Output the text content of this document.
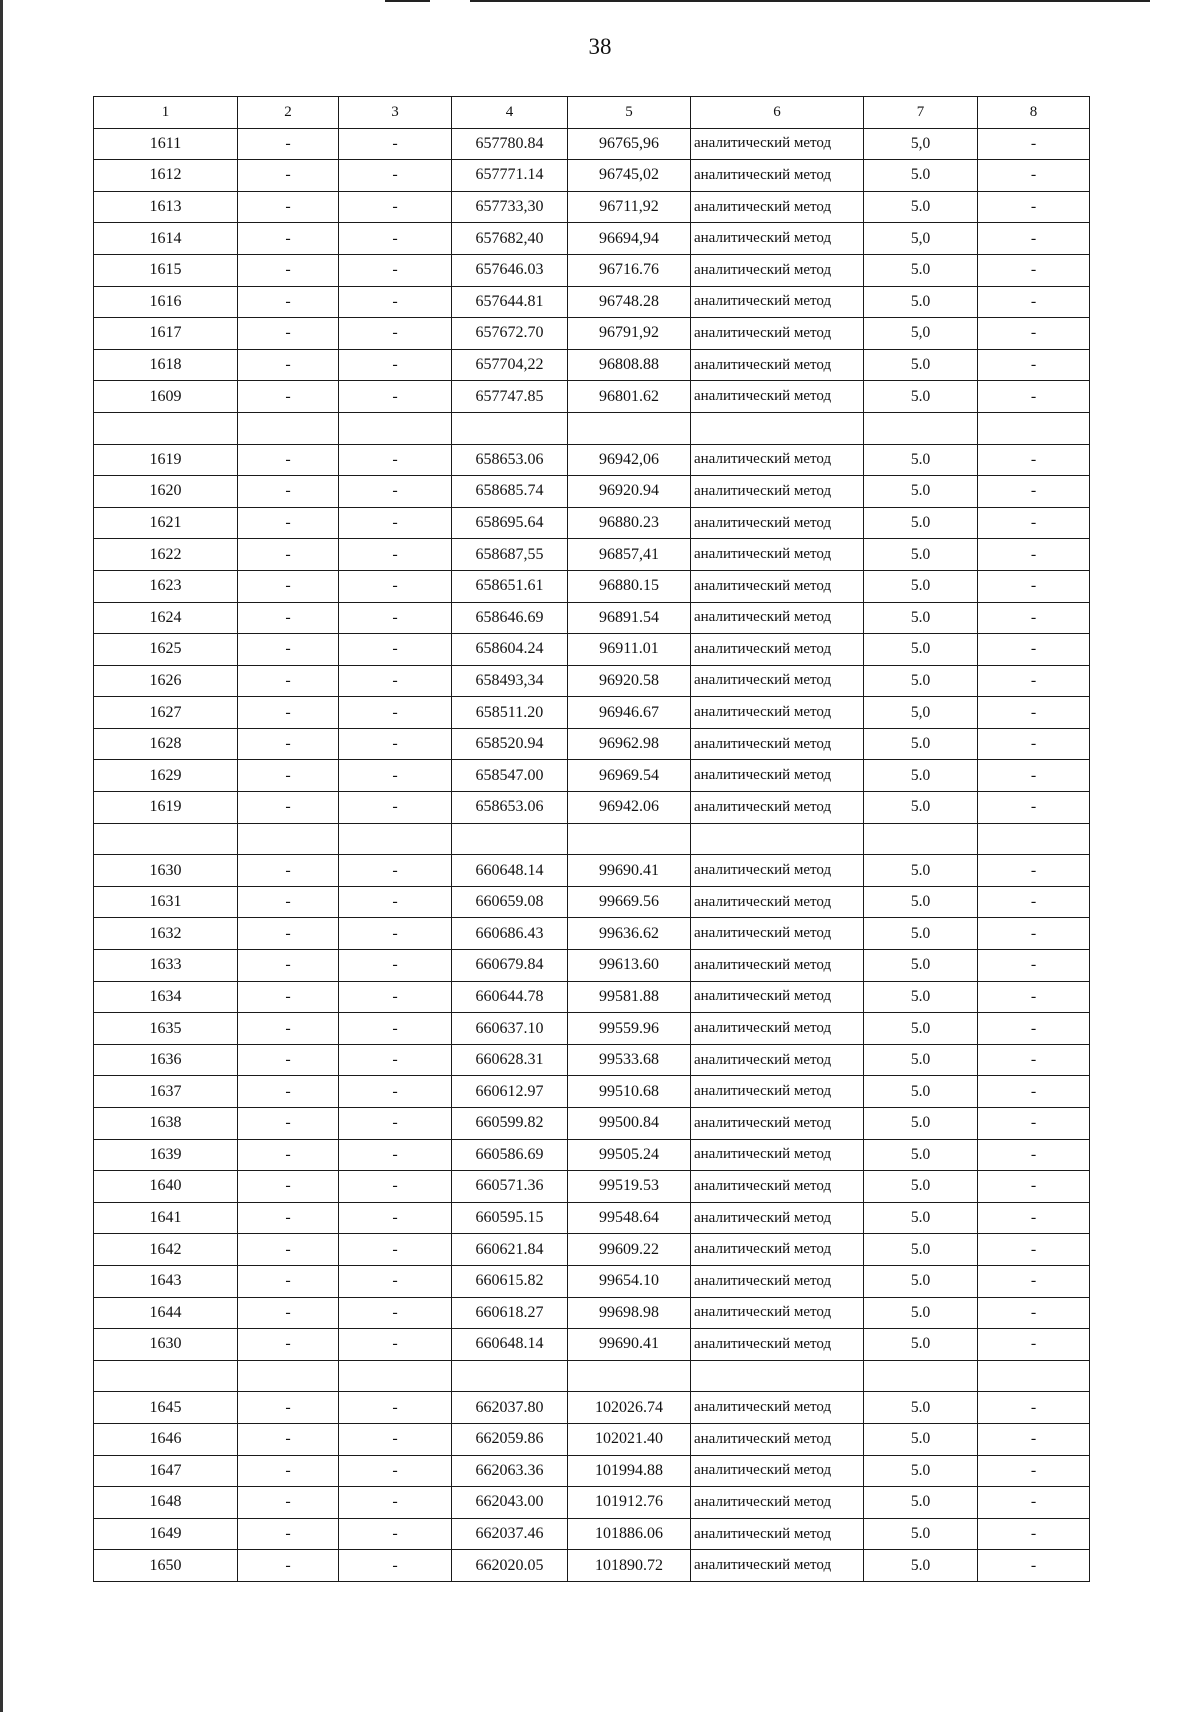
38
1	2	3	4	5	6	7	8
1611	-	-	657780.84	96765,96	аналитический метод	5,0	-
1612	-	-	657771.14	96745,02	аналитический метод	5.0	-
1613	-	-	657733,30	96711,92	аналитический метод	5.0	-
1614	-	-	657682,40	96694,94	аналитический метод	5,0	-
1615	-	-	657646.03	96716.76	аналитический метод	5.0	-
1616	-	-	657644.81	96748.28	аналитический метод	5.0	-
1617	-	-	657672.70	96791,92	аналитический метод	5,0	-
1618	-	-	657704,22	96808.88	аналитический метод	5.0	-
1609	-	-	657747.85	96801.62	аналитический метод	5.0	-

1619	-	-	658653.06	96942,06	аналитический метод	5.0	-
1620	-	-	658685.74	96920.94	аналитический метод	5.0	-
1621	-	-	658695.64	96880.23	аналитический метод	5.0	-
1622	-	-	658687,55	96857,41	аналитический метод	5.0	-
1623	-	-	658651.61	96880.15	аналитический метод	5.0	-
1624	-	-	658646.69	96891.54	аналитический метод	5.0	-
1625	-	-	658604.24	96911.01	аналитический метод	5.0	-
1626	-	-	658493,34	96920.58	аналитический метод	5.0	-
1627	-	-	658511.20	96946.67	аналитический метод	5,0	-
1628	-	-	658520.94	96962.98	аналитический метод	5.0	-
1629	-	-	658547.00	96969.54	аналитический метод	5.0	-
1619	-	-	658653.06	96942.06	аналитический метод	5.0	-

1630	-	-	660648.14	99690.41	аналитический метод	5.0	-
1631	-	-	660659.08	99669.56	аналитический метод	5.0	-
1632	-	-	660686.43	99636.62	аналитический метод	5.0	-
1633	-	-	660679.84	99613.60	аналитический метод	5.0	-
1634	-	-	660644.78	99581.88	аналитический метод	5.0	-
1635	-	-	660637.10	99559.96	аналитический метод	5.0	-
1636	-	-	660628.31	99533.68	аналитический метод	5.0	-
1637	-	-	660612.97	99510.68	аналитический метод	5.0	-
1638	-	-	660599.82	99500.84	аналитический метод	5.0	-
1639	-	-	660586.69	99505.24	аналитический метод	5.0	-
1640	-	-	660571.36	99519.53	аналитический метод	5.0	-
1641	-	-	660595.15	99548.64	аналитический метод	5.0	-
1642	-	-	660621.84	99609.22	аналитический метод	5.0	-
1643	-	-	660615.82	99654.10	аналитический метод	5.0	-
1644	-	-	660618.27	99698.98	аналитический метод	5.0	-
1630	-	-	660648.14	99690.41	аналитический метод	5.0	-

1645	-	-	662037.80	102026.74	аналитический метод	5.0	-
1646	-	-	662059.86	102021.40	аналитический метод	5.0	-
1647	-	-	662063.36	101994.88	аналитический метод	5.0	-
1648	-	-	662043.00	101912.76	аналитический метод	5.0	-
1649	-	-	662037.46	101886.06	аналитический метод	5.0	-
1650	-	-	662020.05	101890.72	аналитический метод	5.0	-
